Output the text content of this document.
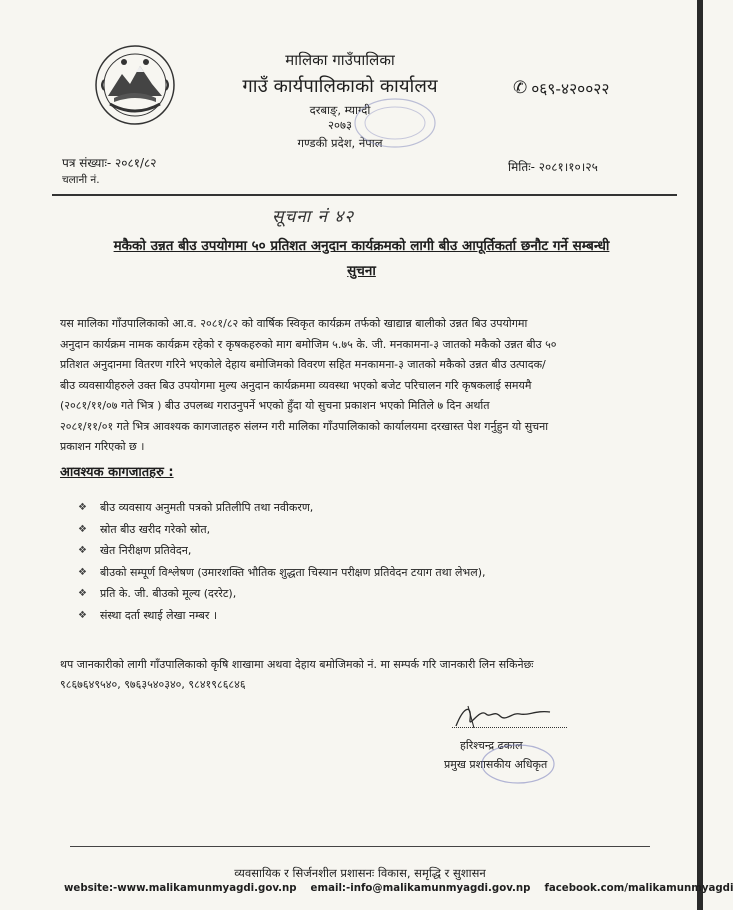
मालिका गाउँपालिका
गाउँ कार्यपालिकाको कार्यालय
दरबाङ्, म्याग्दी
२०७३
गण्डकी प्रदेश, नेपाल
✆ ०६९-४२००२२
पत्र संख्याः- २०८१/८२
चलानी नं.
मितिः- २०८१।१०।२५
सूचना नं ४२
मकैको उन्नत बीउ उपयोगमा ५० प्रतिशत अनुदान कार्यक्रमको लागी बीउ आपूर्तिकर्ता छनौट गर्ने सम्बन्धी
सुचना
यस मालिका गाँउपालिकाको आ.व. २०८१/८२ को वार्षिक स्विकृत कार्यक्रम तर्फको खाद्यान्न बालीको उन्नत बिउ उपयोगमा
अनुदान कार्यक्रम नामक कार्यक्रम रहेको र कृषकहरुको माग बमोजिम ५.७५ के. जी. मनकामना-३ जातको मकैको उन्नत बीउ ५०
प्रतिशत अनुदानमा वितरण गरिने भएकोले देहाय बमोजिमको विवरण सहित मनकामना-३ जातको मकैको उन्नत बीउ उत्पादक/
बीउ व्यवसायीहरुले उक्त बिउ उपयोगमा मुल्य अनुदान कार्यक्रममा व्यवस्था भएको बजेट परिचालन गरि कृषकलाई समयमै
(२०८१/११/०७ गते भित्र ) बीउ उपलब्ध गराउनुपर्ने भएको हुँदा यो सुचना प्रकाशन भएको मितिले ७ दिन अर्थात
२०८१/११/०१ गते भित्र आवश्यक कागजातहरु संलग्न गरी मालिका गाँउपालिकाको कार्यालयमा दरखास्त पेश गर्नुहुन यो सुचना
प्रकाशन गरिएको छ ।
आवश्यक कागजातहरु :
❖	बीउ व्यवसाय अनुमती पत्रको प्रतिलीपि तथा नवीकरण,
❖	स्रोत बीउ खरीद गरेको स्रोत,
❖	खेत निरीक्षण प्रतिवेदन,
❖	बीउको सम्पूर्ण विश्लेषण (उमारशक्ति भौतिक शुद्धता चिस्यान परीक्षण प्रतिवेदन टयाग तथा लेभल),
❖	प्रति के. जी. बीउको मूल्य (दररेट),
❖	संस्था दर्ता स्थाई लेखा नम्बर ।
थप जानकारीको लागी गाँउपालिकाको कृषि शाखामा अथवा देहाय बमोजिमको नं. मा सम्पर्क गरि जानकारी लिन सकिनेछः
९८६७६४९५४०, ९७६३५४०३४०, ९८४१९८६८४६
हरिश्चन्द्र ढकाल
प्रमुख प्रशासकीय अधिकृत
व्यवसायिक र सिर्जनशील प्रशासनः विकास, समृद्धि र सुशासन
website:-www.malikamunmyagdi.gov.np email:-info@malikamunmyagdi.gov.np facebook.com/malikamunmyagdi
